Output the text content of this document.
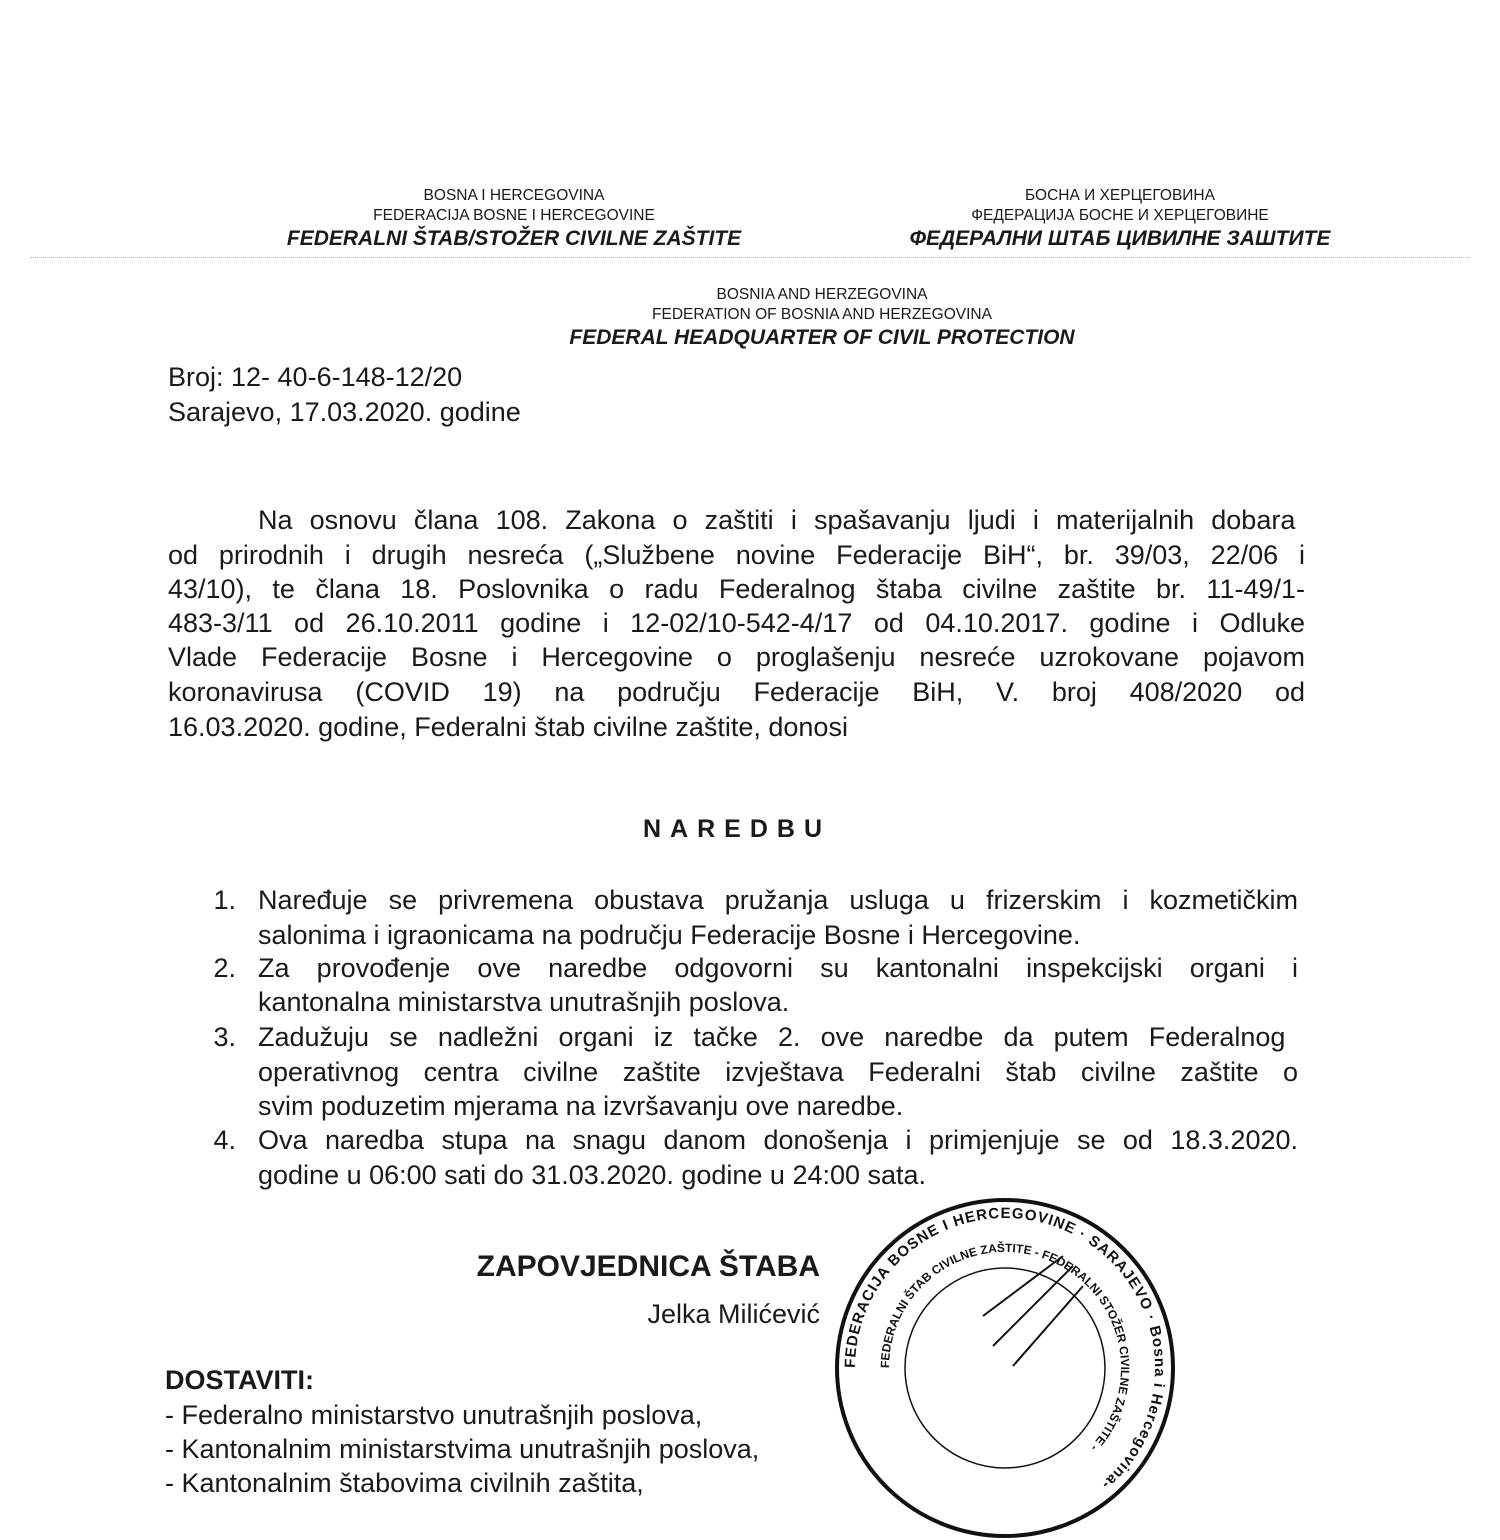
BOSNA I HERCEGOVINA
FEDERACIJA BOSNE I HERCEGOVINE
FEDERALNI ŠTAB/STOŽER CIVILNE ZAŠTITE
БОСНА И ХЕРЦЕГОВИНА
ФЕДЕРАЦИЈА БОСНЕ И ХЕРЦЕГОВИНЕ
ФЕДЕРАЛНИ ШТАБ ЦИВИЛНЕ ЗАШТИТЕ
BOSNIA AND HERZEGOVINA
FEDERATION OF BOSNIA AND HERZEGOVINA
FEDERAL HEADQUARTER OF CIVIL PROTECTION
Broj: 12- 40-6-148-12/20
Sarajevo, 17.03.2020. godine
Na osnovu člana 108. Zakona o zaštiti i spašavanju ljudi i materijalnih dobara
od prirodnih i drugih nesreća („Službene novine Federacije BiH“, br. 39/03, 22/06 i
43/10), te člana 18. Poslovnika o radu Federalnog štaba civilne zaštite br. 11-49/1-
483-3/11 od 26.10.2011 godine i 12-02/10-542-4/17 od 04.10.2017. godine i Odluke
Vlade Federacije Bosne i Hercegovine o proglašenju nesreće uzrokovane pojavom
koronavirusa (COVID 19) na području Federacije BiH, V. broj 408/2020 od
16.03.2020. godine, Federalni štab civilne zaštite, donosi
NAREDBU
1. Naređuje se privremena obustava pružanja usluga u frizerskim i kozmetičkim
salonima i igraonicama na području Federacije Bosne i Hercegovine.
2. Za provođenje ove naredbe odgovorni su kantonalni inspekcijski organi i
kantonalna ministarstva unutrašnjih poslova.
3. Zadužuju se nadležni organi iz tačke 2. ove naredbe da putem Federalnog
operativnog centra civilne zaštite izvještava Federalni štab civilne zaštite o
svim poduzetim mjerama na izvršavanju ove naredbe.
4. Ova naredba stupa na snagu danom donošenja i primjenjuje se od 18.3.2020.
godine u 06:00 sati do 31.03.2020. godine u 24:00 sata.
FEDERACIJA BOSNE I HERCEGOVINE · SARAJEVO · Bosna i Hercegovina-
FEDERALNI ŠTAB CIVILNE ZAŠTITE - FEDERALNI STOŽER CIVILNE ZAŠTITE -
ZAPOVJEDNICA ŠTABA
Jelka Milićević
DOSTAVITI:
- Federalno ministarstvo unutrašnjih poslova,
- Kantonalnim ministarstvima unutrašnjih poslova,
- Kantonalnim štabovima civilnih zaštita,
